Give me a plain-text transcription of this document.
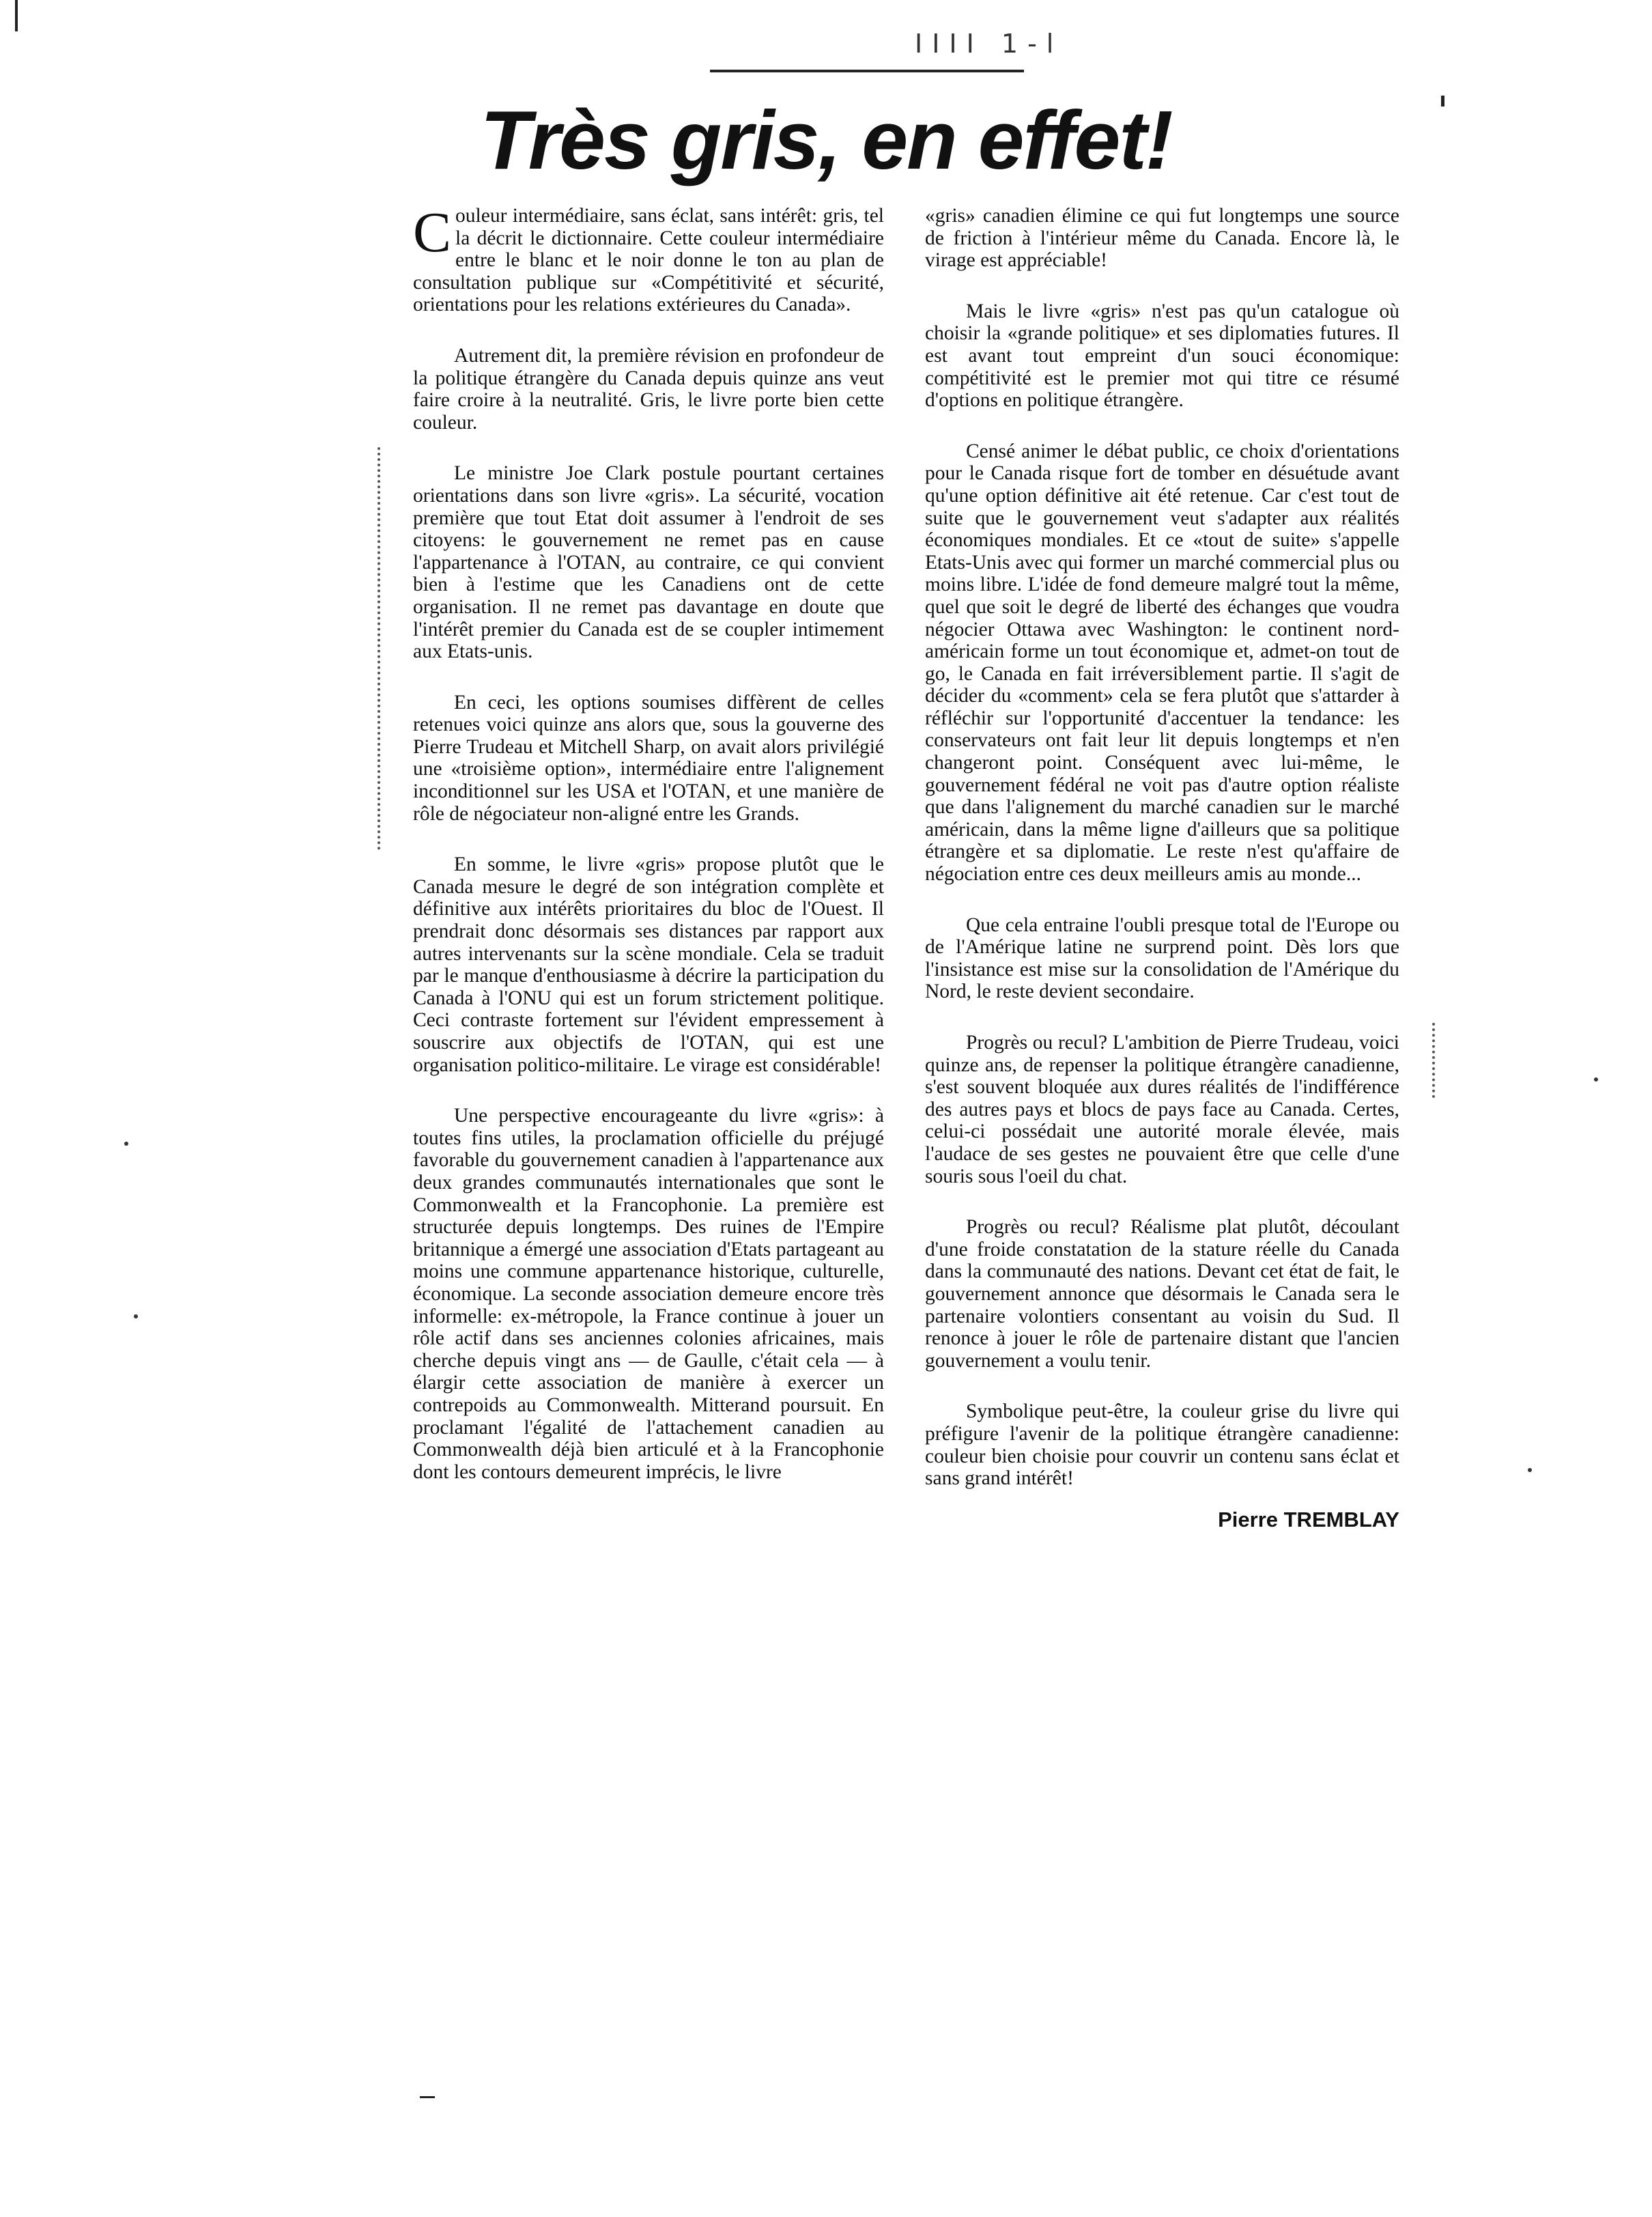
IIII 1-l
Très gris, en effet!

Couleur intermédiaire, sans éclat, sans intérêt: gris, tel la décrit le dictionnaire. Cette couleur intermédiaire entre le blanc et le noir donne le ton au plan de consultation publique sur «Compétitivité et sécurité, orientations pour les relations extérieures du Canada».

Autrement dit, la première révision en profondeur de la politique étrangère du Canada depuis quinze ans veut faire croire à la neutralité. Gris, le livre porte bien cette couleur.

Le ministre Joe Clark postule pourtant certaines orientations dans son livre «gris». La sécurité, vocation première que tout Etat doit assumer à l'endroit de ses citoyens: le gouvernement ne remet pas en cause l'appartenance à l'OTAN, au contraire, ce qui convient bien à l'estime que les Canadiens ont de cette organisation. Il ne remet pas davantage en doute que l'intérêt premier du Canada est de se coupler intimement aux Etats-unis.

En ceci, les options soumises diffèrent de celles retenues voici quinze ans alors que, sous la gouverne des Pierre Trudeau et Mitchell Sharp, on avait alors privilégié une «troisième option», intermédiaire entre l'alignement inconditionnel sur les USA et l'OTAN, et une manière de rôle de négociateur non-aligné entre les Grands.

En somme, le livre «gris» propose plutôt que le Canada mesure le degré de son intégration complète et définitive aux intérêts prioritaires du bloc de l'Ouest. Il prendrait donc désormais ses distances par rapport aux autres intervenants sur la scène mondiale. Cela se traduit par le manque d'enthousiasme à décrire la participation du Canada à l'ONU qui est un forum strictement politique. Ceci contraste fortement sur l'évident empressement à souscrire aux objectifs de l'OTAN, qui est une organisation politico-militaire. Le virage est considérable!

Une perspective encourageante du livre «gris»: à toutes fins utiles, la proclamation officielle du préjugé favorable du gouvernement canadien à l'appartenance aux deux grandes communautés internationales que sont le Commonwealth et la Francophonie. La première est structurée depuis longtemps. Des ruines de l'Empire britannique a émergé une association d'Etats partageant au moins une commune appartenance historique, culturelle, économique. La seconde association demeure encore très informelle: ex-métropole, la France continue à jouer un rôle actif dans ses anciennes colonies africaines, mais cherche depuis vingt ans — de Gaulle, c'était cela — à élargir cette association de manière à exercer un contrepoids au Commonwealth. Mitterand poursuit. En proclamant l'égalité de l'attachement canadien au Commonwealth déjà bien articulé et à la Francophonie dont les contours demeurent imprécis, le livre

«gris» canadien élimine ce qui fut longtemps une source de friction à l'intérieur même du Canada. Encore là, le virage est appréciable!

Mais le livre «gris» n'est pas qu'un catalogue où choisir la «grande politique» et ses diplomaties futures. Il est avant tout empreint d'un souci économique: compétitivité est le premier mot qui titre ce résumé d'options en politique étrangère.

Censé animer le débat public, ce choix d'orientations pour le Canada risque fort de tomber en désuétude avant qu'une option définitive ait été retenue. Car c'est tout de suite que le gouvernement veut s'adapter aux réalités économiques mondiales. Et ce «tout de suite» s'appelle Etats-Unis avec qui former un marché commercial plus ou moins libre. L'idée de fond demeure malgré tout la même, quel que soit le degré de liberté des échanges que voudra négocier Ottawa avec Washington: le continent nord-américain forme un tout économique et, admet-on tout de go, le Canada en fait irréversiblement partie. Il s'agit de décider du «comment» cela se fera plutôt que s'attarder à réfléchir sur l'opportunité d'accentuer la tendance: les conservateurs ont fait leur lit depuis longtemps et n'en changeront point. Conséquent avec lui-même, le gouvernement fédéral ne voit pas d'autre option réaliste que dans l'alignement du marché canadien sur le marché américain, dans la même ligne d'ailleurs que sa politique étrangère et sa diplomatie. Le reste n'est qu'affaire de négociation entre ces deux meilleurs amis au monde...

Que cela entraine l'oubli presque total de l'Europe ou de l'Amérique latine ne surprend point. Dès lors que l'insistance est mise sur la consolidation de l'Amérique du Nord, le reste devient secondaire.

Progrès ou recul? L'ambition de Pierre Trudeau, voici quinze ans, de repenser la politique étrangère canadienne, s'est souvent bloquée aux dures réalités de l'indifférence des autres pays et blocs de pays face au Canada. Certes, celui-ci possédait une autorité morale élevée, mais l'audace de ses gestes ne pouvaient être que celle d'une souris sous l'oeil du chat.

Progrès ou recul? Réalisme plat plutôt, découlant d'une froide constatation de la stature réelle du Canada dans la communauté des nations. Devant cet état de fait, le gouvernement annonce que désormais le Canada sera le partenaire volontiers consentant au voisin du Sud. Il renonce à jouer le rôle de partenaire distant que l'ancien gouvernement a voulu tenir.

Symbolique peut-être, la couleur grise du livre qui préfigure l'avenir de la politique étrangère canadienne: couleur bien choisie pour couvrir un contenu sans éclat et sans grand intérêt!

Pierre TREMBLAY
